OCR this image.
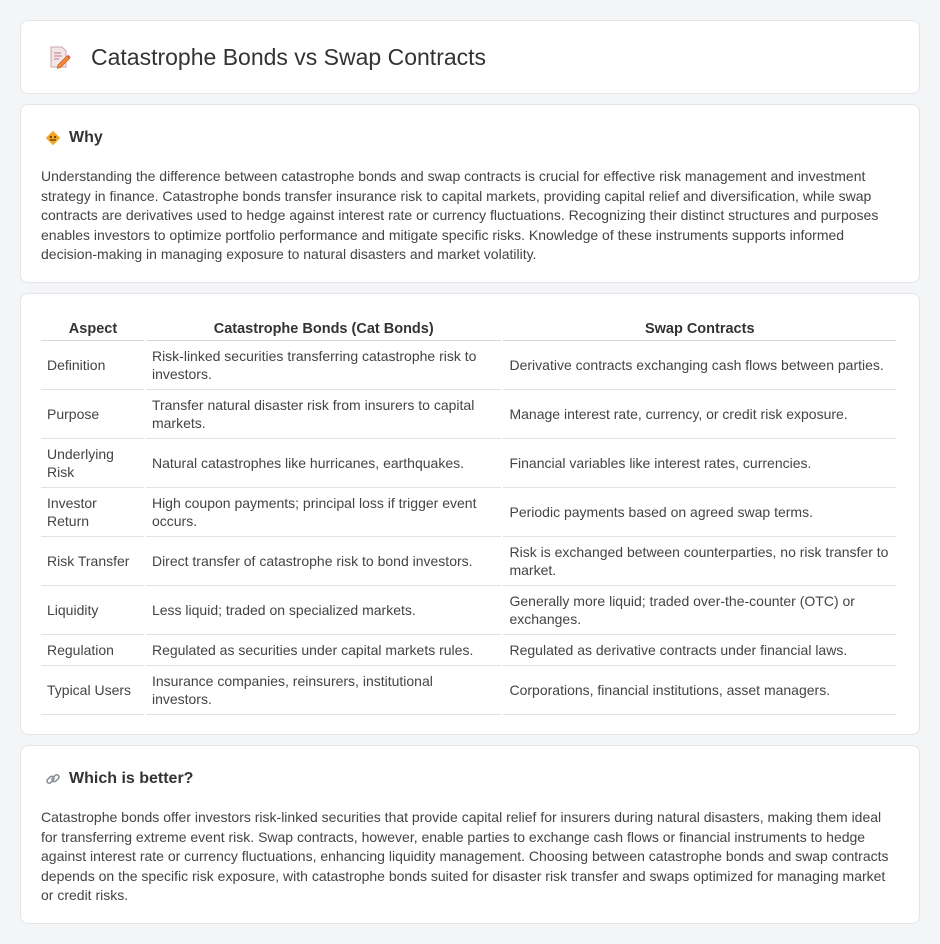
Catastrophe Bonds vs Swap Contracts
Why

Understanding the difference between catastrophe bonds and swap contracts is crucial for effective risk management and investment strategy in finance. Catastrophe bonds transfer insurance risk to capital markets, providing capital relief and diversification, while swap contracts are derivatives used to hedge against interest rate or currency fluctuations. Recognizing their distinct structures and purposes enables investors to optimize portfolio performance and mitigate specific risks. Knowledge of these instruments supports informed decision-making in managing exposure to natural disasters and market volatility.

Aspect	Catastrophe Bonds (Cat Bonds)	Swap Contracts
Definition	Risk-linked securities transferring catastrophe risk to investors.	Derivative contracts exchanging cash flows between parties.
Purpose	Transfer natural disaster risk from insurers to capital markets.	Manage interest rate, currency, or credit risk exposure.
Underlying Risk	Natural catastrophes like hurricanes, earthquakes.	Financial variables like interest rates, currencies.
Investor Return	High coupon payments; principal loss if trigger event occurs.	Periodic payments based on agreed swap terms.
Risk Transfer	Direct transfer of catastrophe risk to bond investors.	Risk is exchanged between counterparties, no risk transfer to market.
Liquidity	Less liquid; traded on specialized markets.	Generally more liquid; traded over-the-counter (OTC) or exchanges.
Regulation	Regulated as securities under capital markets rules.	Regulated as derivative contracts under financial laws.
Typical Users	Insurance companies, reinsurers, institutional investors.	Corporations, financial institutions, asset managers.
Which is better?

Catastrophe bonds offer investors risk-linked securities that provide capital relief for insurers during natural disasters, making them ideal for transferring extreme event risk. Swap contracts, however, enable parties to exchange cash flows or financial instruments to hedge against interest rate or currency fluctuations, enhancing liquidity management. Choosing between catastrophe bonds and swap contracts depends on the specific risk exposure, with catastrophe bonds suited for disaster risk transfer and swaps optimized for managing market or credit risks.
